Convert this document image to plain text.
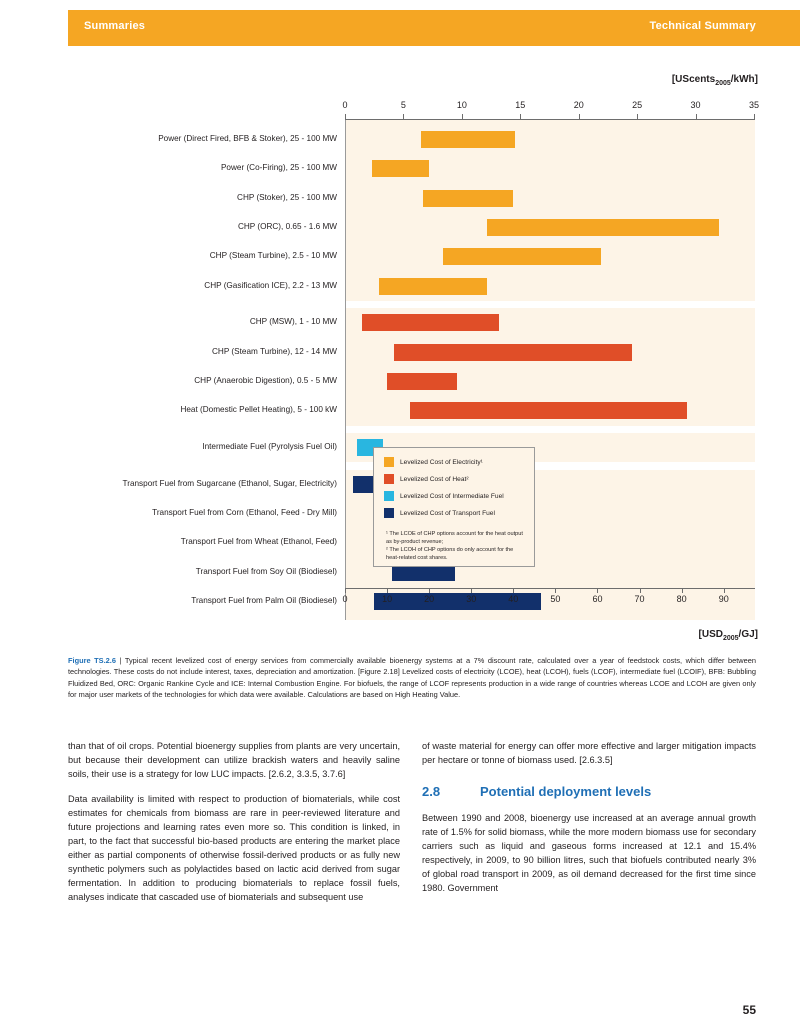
Summaries	Technical Summary
[UScents$_{2005}$/kWh]
$[USD_{2005}/GJ]$
0	5	10	15	20	25	30	35
Power (Direct Fired, BFB & Stoker), 25 - 100 MW
Power (Co-Firing), 25 - 100 MW
CHP (Stoker), 25 - 100 MW
CHP (ORC), 0.65 - 1.6 MW
CHP (Steam Turbine), 2.5 - 10 MW
CHP (Gasification ICE), 2.2 - 13 MW
CHP (MSW), 1 - 10 MW
CHP (Steam Turbine), 12 - 14 MW
CHP (Anaerobic Digestion), 0.5 - 5 MW
Heat (Domestic Pellet Heating), 5 - 100 kW
Intermediate Fuel (Pyrolysis Fuel Oil)
Transport Fuel from Sugarcane (Ethanol, Sugar, Electricity)
Transport Fuel from Corn (Ethanol, Feed - Dry Mill)
Transport Fuel from Wheat (Ethanol, Feed)
Transport Fuel from Soy Oil (Biodiesel)
Transport Fuel from Palm Oil (Biodiesel) 0	10	20	30	40	50	60	70	80	90
Levelized Cost of Electricity¹
Levelized Cost of Heat²
Levelized Cost of Intermediate Fuel
Levelized Cost of Transport Fuel
¹ The LCOE of CHP options account for the heat output as by-product revenue;
² The LCOH of CHP options do only account for the heat-related cost shares.
Figure TS.2.6 | Typical recent levelized cost of energy services from commercially available bioenergy systems at a 7% discount rate, calculated over a year of feedstock costs, which differ between technologies. These costs do not include interest, taxes, depreciation and amortization. [Figure 2.18] Levelized costs of electricity (LCOE), heat (LCOH), fuels (LCOF), intermediate fuel (LCOIF), BFB: Bubbling Fluidized Bed, ORC: Organic Rankine Cycle and ICE: Internal Combustion Engine. For biofuels, the range of LCOF represents production in a wide range of countries whereas LCOE and LCOH are given only for major user markets of the technologies for which data were available. Calculations are based on High Heating Value.

than that of oil crops. Potential bioenergy supplies from plants are very uncertain, but because their development can utilize brackish waters and heavily saline soils, their use is a strategy for low LUC impacts. [2.6.2, 3.3.5, 3.7.6]

Data availability is limited with respect to production of biomaterials, while cost estimates for chemicals from biomass are rare in peer-reviewed literature and future projections and learning rates even more so. This condition is linked, in part, to the fact that successful bio-based products are entering the market place either as partial components of otherwise fossil-derived products or as fully new synthetic polymers such as polylactides based on lactic acid derived from sugar fermentation. In addition to producing biomaterials to replace fossil fuels, analyses indicate that cascaded use of biomaterials and subsequent use

of waste material for energy can offer more effective and larger mitigation impacts per hectare or tonne of biomass used. [2.6.3.5]

2.8	Potential deployment levels

Between 1990 and 2008, bioenergy use increased at an average annual growth rate of 1.5% for solid biomass, while the more modern biomass use for secondary carriers such as liquid and gaseous forms increased at 12.1 and 15.4% respectively, in 2009, to 90 billion litres, such that biofuels contributed nearly 3% of global road transport in 2009, as oil demand decreased for the first time since 1980. Government

55
